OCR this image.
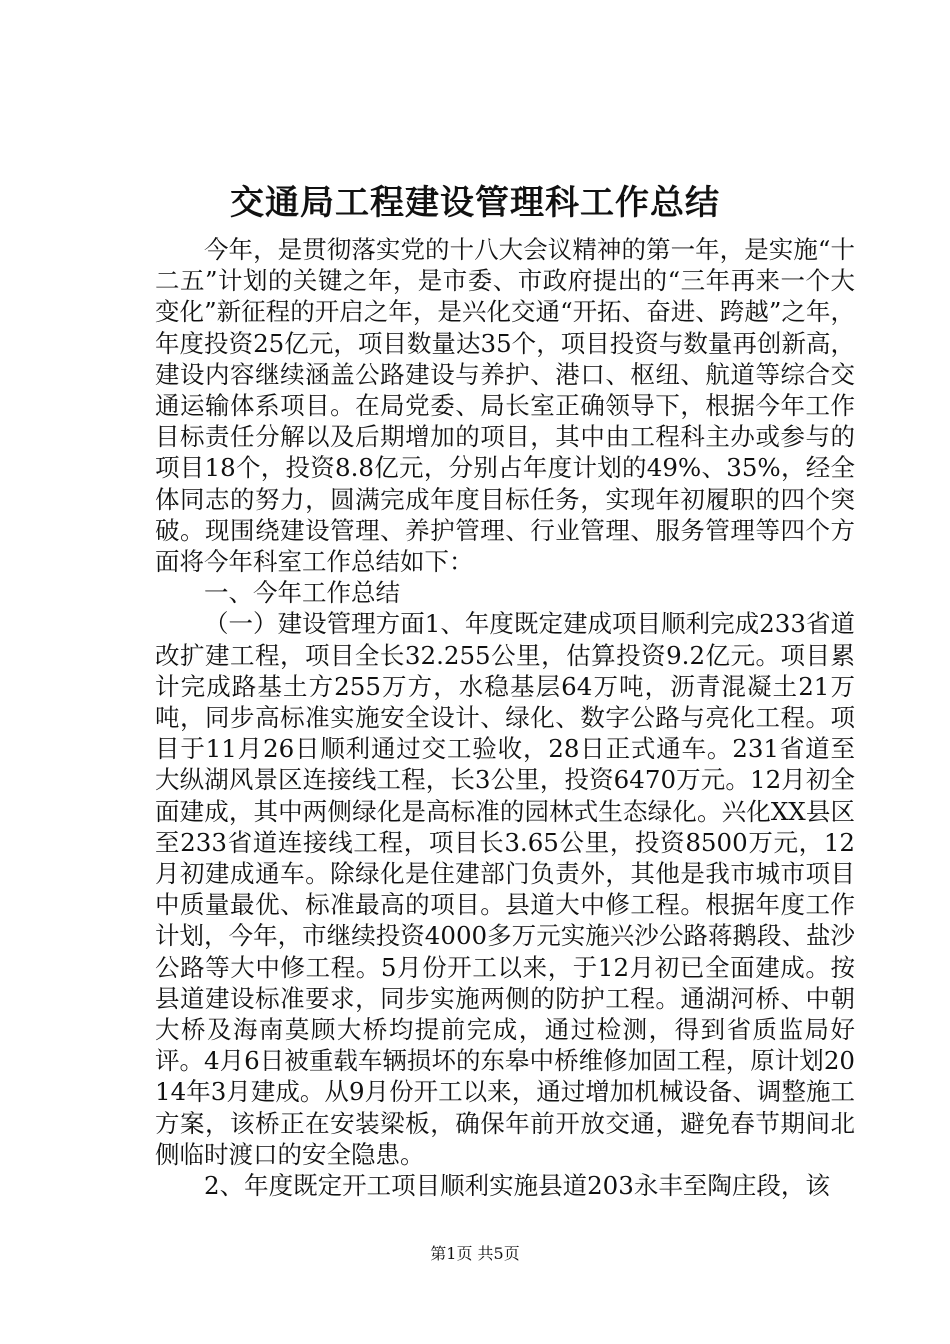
交通局工程建设管理科工作总结

今年，是贯彻落实党的十八大会议精神的第一年，是实施“十二五”计划的关键之年，是市委、市政府提出的“三年再来一个大变化”新征程的开启之年，是兴化交通“开拓、奋进、跨越”之年，年度投资25亿元，项目数量达35个，项目投资与数量再创新高，建设内容继续涵盖公路建设与养护、港口、枢纽、航道等综合交通运输体系项目。在局党委、局长室正确领导下，根据今年工作目标责任分解以及后期增加的项目，其中由工程科主办或参与的项目18个，投资8.8亿元，分别占年度计划的49%、35%，经全体同志的努力，圆满完成年度目标任务，实现年初履职的四个突破。现围绕建设管理、养护管理、行业管理、服务管理等四个方面将今年科室工作总结如下：

一、今年工作总结

（一）建设管理方面1、年度既定建成项目顺利完成233省道改扩建工程，项目全长32.255公里，估算投资9.2亿元。项目累计完成路基土方255万方，水稳基层64万吨，沥青混凝土21万吨，同步高标准实施安全设计、绿化、数字公路与亮化工程。项目于11月26日顺利通过交工验收，28日正式通车。231省道至大纵湖风景区连接线工程，长3公里，投资6470万元。12月初全面建成，其中两侧绿化是高标准的园林式生态绿化。兴化XX县区至233省道连接线工程，项目长3.65公里，投资8500万元，12月初建成通车。除绿化是住建部门负责外，其他是我市城市项目中质量最优、标准最高的项目。县道大中修工程。根据年度工作计划，今年，市继续投资4000多万元实施兴沙公路蒋鹅段、盐沙公路等大中修工程。5月份开工以来，于12月初已全面建成。按县道建设标准要求，同步实施两侧的防护工程。通湖河桥、中朝大桥及海南莫顾大桥均提前完成，通过检测，得到省质监局好评。4月6日被重载车辆损坏的东皋中桥维修加固工程，原计划2014年3月建成。从9月份开工以来，通过增加机械设备、调整施工方案，该桥正在安装梁板，确保年前开放交通，避免春节期间北侧临时渡口的安全隐患。

2、年度既定开工项目顺利实施县道203永丰至陶庄段，该

第1页 共5页
